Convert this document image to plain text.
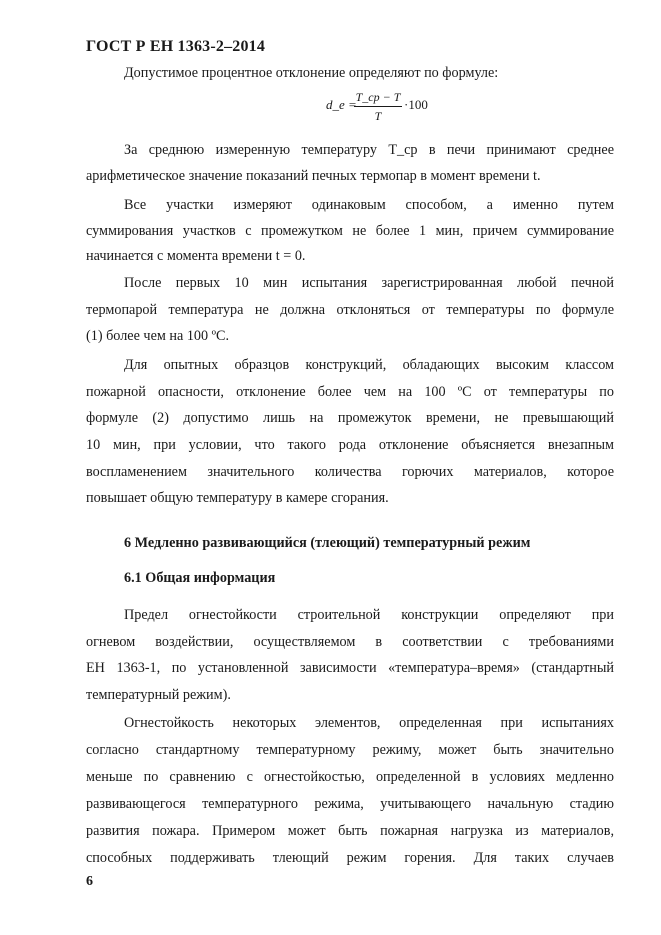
ГОСТ Р ЕН 1363-2–2014
Допустимое процентное отклонение определяют по формуле:
d_e =
T_ср − T
T
·100
За среднюю измеренную температуру T_ср в печи принимают среднее
арифметическое значение показаний печных термопар в момент времени t.
Все участки измеряют одинаковым способом, а именно путем
суммирования участков с промежутком не более 1 мин, причем суммирование
начинается с момента времени t = 0.
После первых 10 мин испытания зарегистрированная любой печной
термопарой температура не должна отклоняться от температуры по формуле
(1) более чем на 100 ºС.
Для опытных образцов конструкций, обладающих высоким классом
пожарной опасности, отклонение более чем на 100 ºС от температуры по
формуле (2) допустимо лишь на промежуток времени, не превышающий
10 мин, при условии, что такого рода отклонение объясняется внезапным
воспламенением значительного количества горючих материалов, которое
повышает общую температуру в камере сгорания.
6 Медленно развивающийся (тлеющий) температурный режим
6.1 Общая информация
Предел огнестойкости строительной конструкции определяют при
огневом воздействии, осуществляемом в соответствии с требованиями
ЕН 1363-1, по установленной зависимости «температура–время» (стандартный
температурный режим).
Огнестойкость некоторых элементов, определенная при испытаниях
согласно стандартному температурному режиму, может быть значительно
меньше по сравнению с огнестойкостью, определенной в условиях медленно
развивающегося температурного режима, учитывающего начальную стадию
развития пожара. Примером может быть пожарная нагрузка из материалов,
способных поддерживать тлеющий режим горения. Для таких случаев
6
